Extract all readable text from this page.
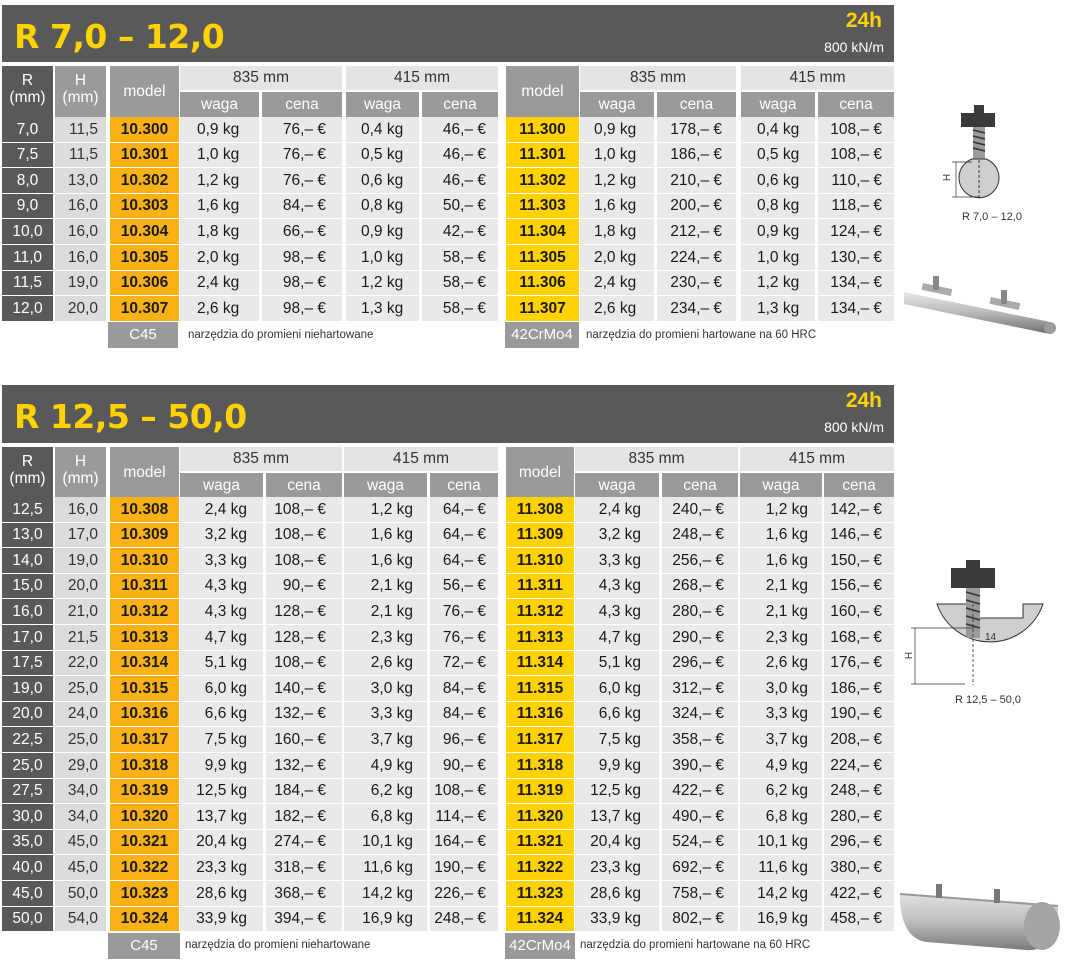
R 7,0 – 12,0	24h
800 kN/m
R
(mm)
H
(mm)	model	model
835 mm	415 mm	835 mm	415 mm
waga	waga	waga	waga
cena	cena	cena	cena
7,0	11,5	10.300	0,9 kg	76,– €	0,4 kg	46,– €	11.300	0,9 kg	178,– €	0,4 kg	108,– €
7,5	11,5	10.301	1,0 kg	76,– €	0,5 kg	46,– €	11.301	1,0 kg	186,– €	0,5 kg	108,– €
8,0	13,0	10.302	1,2 kg	76,– €	0,6 kg	46,– €	11.302	1,2 kg	210,– €	0,6 kg	110,– €
9,0	16,0	10.303	1,6 kg	84,– €	0,8 kg	50,– €	11.303	1,6 kg	200,– €	0,8 kg	118,– €
10,0	16,0	10.304	1,8 kg	66,– €	0,9 kg	42,– €	11.304	1,8 kg	212,– €	0,9 kg	124,– €
11,0	16,0	10.305	2,0 kg	98,– €	1,0 kg	58,– €	11.305	2,0 kg	224,– €	1,0 kg	130,– €
11,5	19,0	10.306	2,4 kg	98,– €	1,2 kg	58,– €	11.306	2,4 kg	230,– €	1,2 kg	134,– €
12,0	20,0	10.307	2,6 kg	98,– €	1,3 kg	58,– €	11.307	2,6 kg	234,– €	1,3 kg	134,– €
C45	narzędzia do promieni niehartowane	42CrMo4	narzędzia do promieni hartowane na 60 HRC
H
R 7,0 – 12,0
R 12,5 – 50,0	24h
800 kN/m
R
(mm)
H
(mm)	model	model
835 mm	415 mm	835 mm	415 mm
waga	waga	waga	waga
cena	cena	cena	cena
12,5	16,0	10.308	2,4 kg	108,– €	1,2 kg	64,– €	11.308	2,4 kg	240,– €	1,2 kg	142,– €
13,0	17,0	10.309	3,2 kg	108,– €	1,6 kg	64,– €	11.309	3,2 kg	248,– €	1,6 kg	146,– €
14,0	19,0	10.310	3,3 kg	108,– €	1,6 kg	64,– €	11.310	3,3 kg	256,– €	1,6 kg	150,– €
15,0	20,0	10.311	4,3 kg	90,– €	2,1 kg	56,– €	11.311	4,3 kg	268,– €	2,1 kg	156,– €
16,0	21,0	10.312	4,3 kg	128,– €	2,1 kg	76,– €	11.312	4,3 kg	280,– €	2,1 kg	160,– €
17,0	21,5	10.313	4,7 kg	128,– €	2,3 kg	76,– €	11.313	4,7 kg	290,– €	2,3 kg	168,– €
17,5	22,0	10.314	5,1 kg	108,– €	2,6 kg	72,– €	11.314	5,1 kg	296,– €	2,6 kg	176,– €
19,0	25,0	10.315	6,0 kg	140,– €	3,0 kg	84,– €	11.315	6,0 kg	312,– €	3,0 kg	186,– €
20,0	24,0	10.316	6,6 kg	132,– €	3,3 kg	84,– €	11.316	6,6 kg	324,– €	3,3 kg	190,– €
22,5	25,0	10.317	7,5 kg	160,– €	3,7 kg	96,– €	11.317	7,5 kg	358,– €	3,7 kg	208,– €
25,0	29,0	10.318	9,9 kg	132,– €	4,9 kg	90,– €	11.318	9,9 kg	390,– €	4,9 kg	224,– €
27,5	34,0	10.319	12,5 kg	184,– €	6,2 kg	108,– €	11.319	12,5 kg	422,– €	6,2 kg	248,– €
30,0	34,0	10.320	13,7 kg	182,– €	6,8 kg	114,– €	11.320	13,7 kg	490,– €	6,8 kg	280,– €
35,0	45,0	10.321	20,4 kg	274,– €	10,1 kg	164,– €	11.321	20,4 kg	524,– €	10,1 kg	296,– €
40,0	45,0	10.322	23,3 kg	318,– €	11,6 kg	190,– €	11.322	23,3 kg	692,– €	11,6 kg	380,– €
45,0	50,0	10.323	28,6 kg	368,– €	14,2 kg	226,– €	11.323	28,6 kg	758,– €	14,2 kg	422,– €
50,0	54,0	10.324	33,9 kg	394,– €	16,9 kg	248,– €	11.324	33,9 kg	802,– €	16,9 kg	458,– €
C45	narzędzia do promieni niehartowane	42CrMo4 narzędzia do promieni hartowane na 60 HRC
14
H
R 12,5 – 50,0
